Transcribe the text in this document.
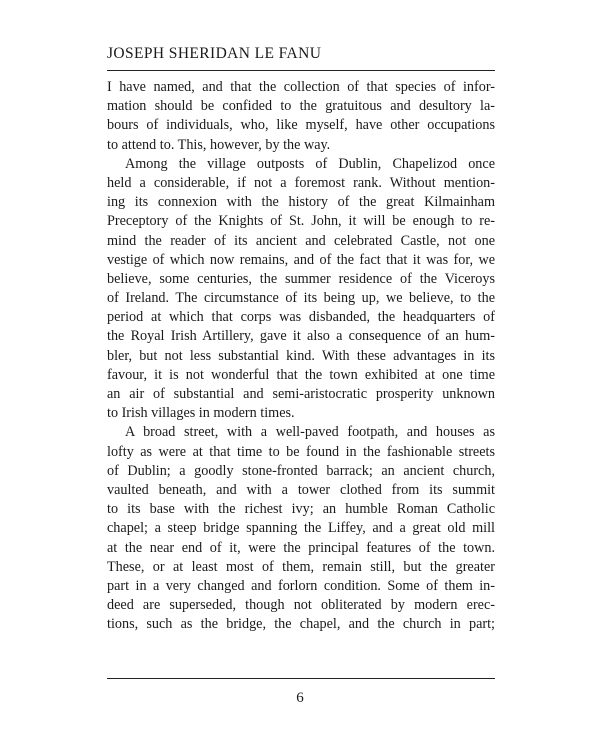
JOSEPH SHERIDAN LE FANU
I have named, and that the collection of that species of infor-
mation should be confided to the gratuitous and desultory la-
bours of individuals, who, like myself, have other occupations
to attend to. This, however, by the way.
Among the village outposts of Dublin, Chapelizod once
held a considerable, if not a foremost rank. Without mention-
ing its connexion with the history of the great Kilmainham
Preceptory of the Knights of St. John, it will be enough to re-
mind the reader of its ancient and celebrated Castle, not one
vestige of which now remains, and of the fact that it was for, we
believe, some centuries, the summer residence of the Viceroys
of Ireland. The circumstance of its being up, we believe, to the
period at which that corps was disbanded, the headquarters of
the Royal Irish Artillery, gave it also a consequence of an hum-
bler, but not less substantial kind. With these advantages in its
favour, it is not wonderful that the town exhibited at one time
an air of substantial and semi-aristocratic prosperity unknown
to Irish villages in modern times.
A broad street, with a well-paved footpath, and houses as
lofty as were at that time to be found in the fashionable streets
of Dublin; a goodly stone-fronted barrack; an ancient church,
vaulted beneath, and with a tower clothed from its summit
to its base with the richest ivy; an humble Roman Catholic
chapel; a steep bridge spanning the Liffey, and a great old mill
at the near end of it, were the principal features of the town.
These, or at least most of them, remain still, but the greater
part in a very changed and forlorn condition. Some of them in-
deed are superseded, though not obliterated by modern erec-
tions, such as the bridge, the chapel, and the church in part;
6
